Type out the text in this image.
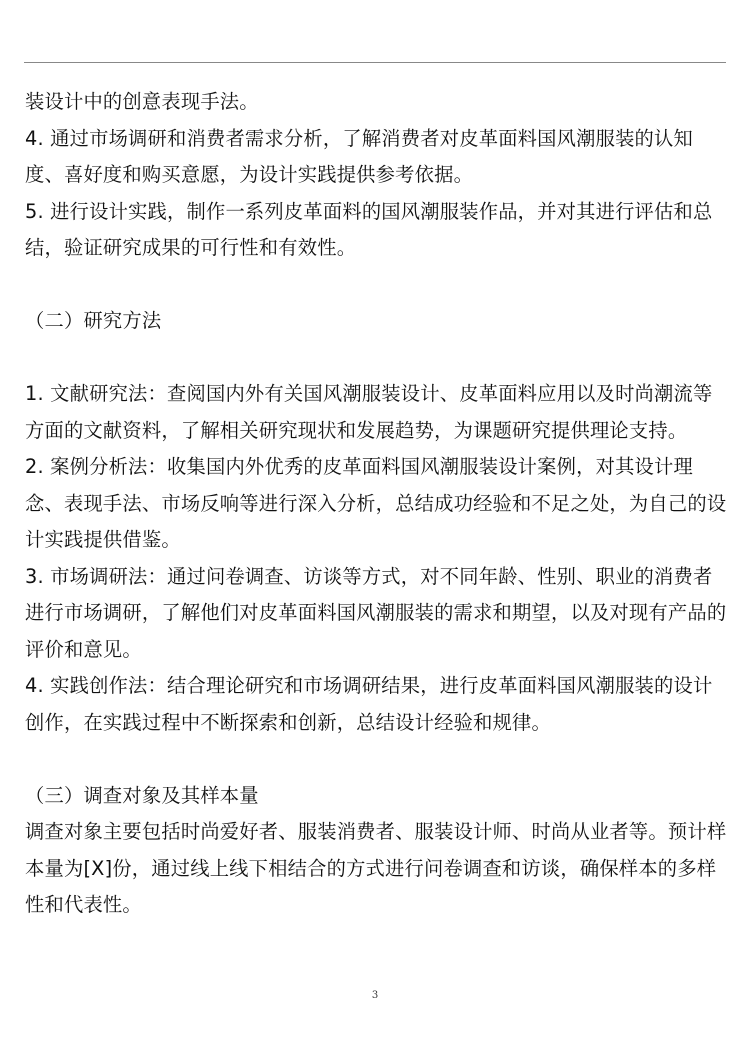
装设计中的创意表现手法。

4. 通过市场调研和消费者需求分析，了解消费者对皮革面料国风潮服装的认知度、喜好度和购买意愿，为设计实践提供参考依据。

5. 进行设计实践，制作一系列皮革面料的国风潮服装作品，并对其进行评估和总结，验证研究成果的可行性和有效性。

（二）研究方法

1. 文献研究法：查阅国内外有关国风潮服装设计、皮革面料应用以及时尚潮流等方面的文献资料，了解相关研究现状和发展趋势，为课题研究提供理论支持。

2. 案例分析法：收集国内外优秀的皮革面料国风潮服装设计案例，对其设计理念、表现手法、市场反响等进行深入分析，总结成功经验和不足之处，为自己的设计实践提供借鉴。

3. 市场调研法：通过问卷调查、访谈等方式，对不同年龄、性别、职业的消费者进行市场调研，了解他们对皮革面料国风潮服装的需求和期望，以及对现有产品的评价和意见。

4. 实践创作法：结合理论研究和市场调研结果，进行皮革面料国风潮服装的设计创作，在实践过程中不断探索和创新，总结设计经验和规律。

（三）调查对象及其样本量

调查对象主要包括时尚爱好者、服装消费者、服装设计师、时尚从业者等。预计样本量为[X]份，通过线上线下相结合的方式进行问卷调查和访谈，确保样本的多样性和代表性。

3
